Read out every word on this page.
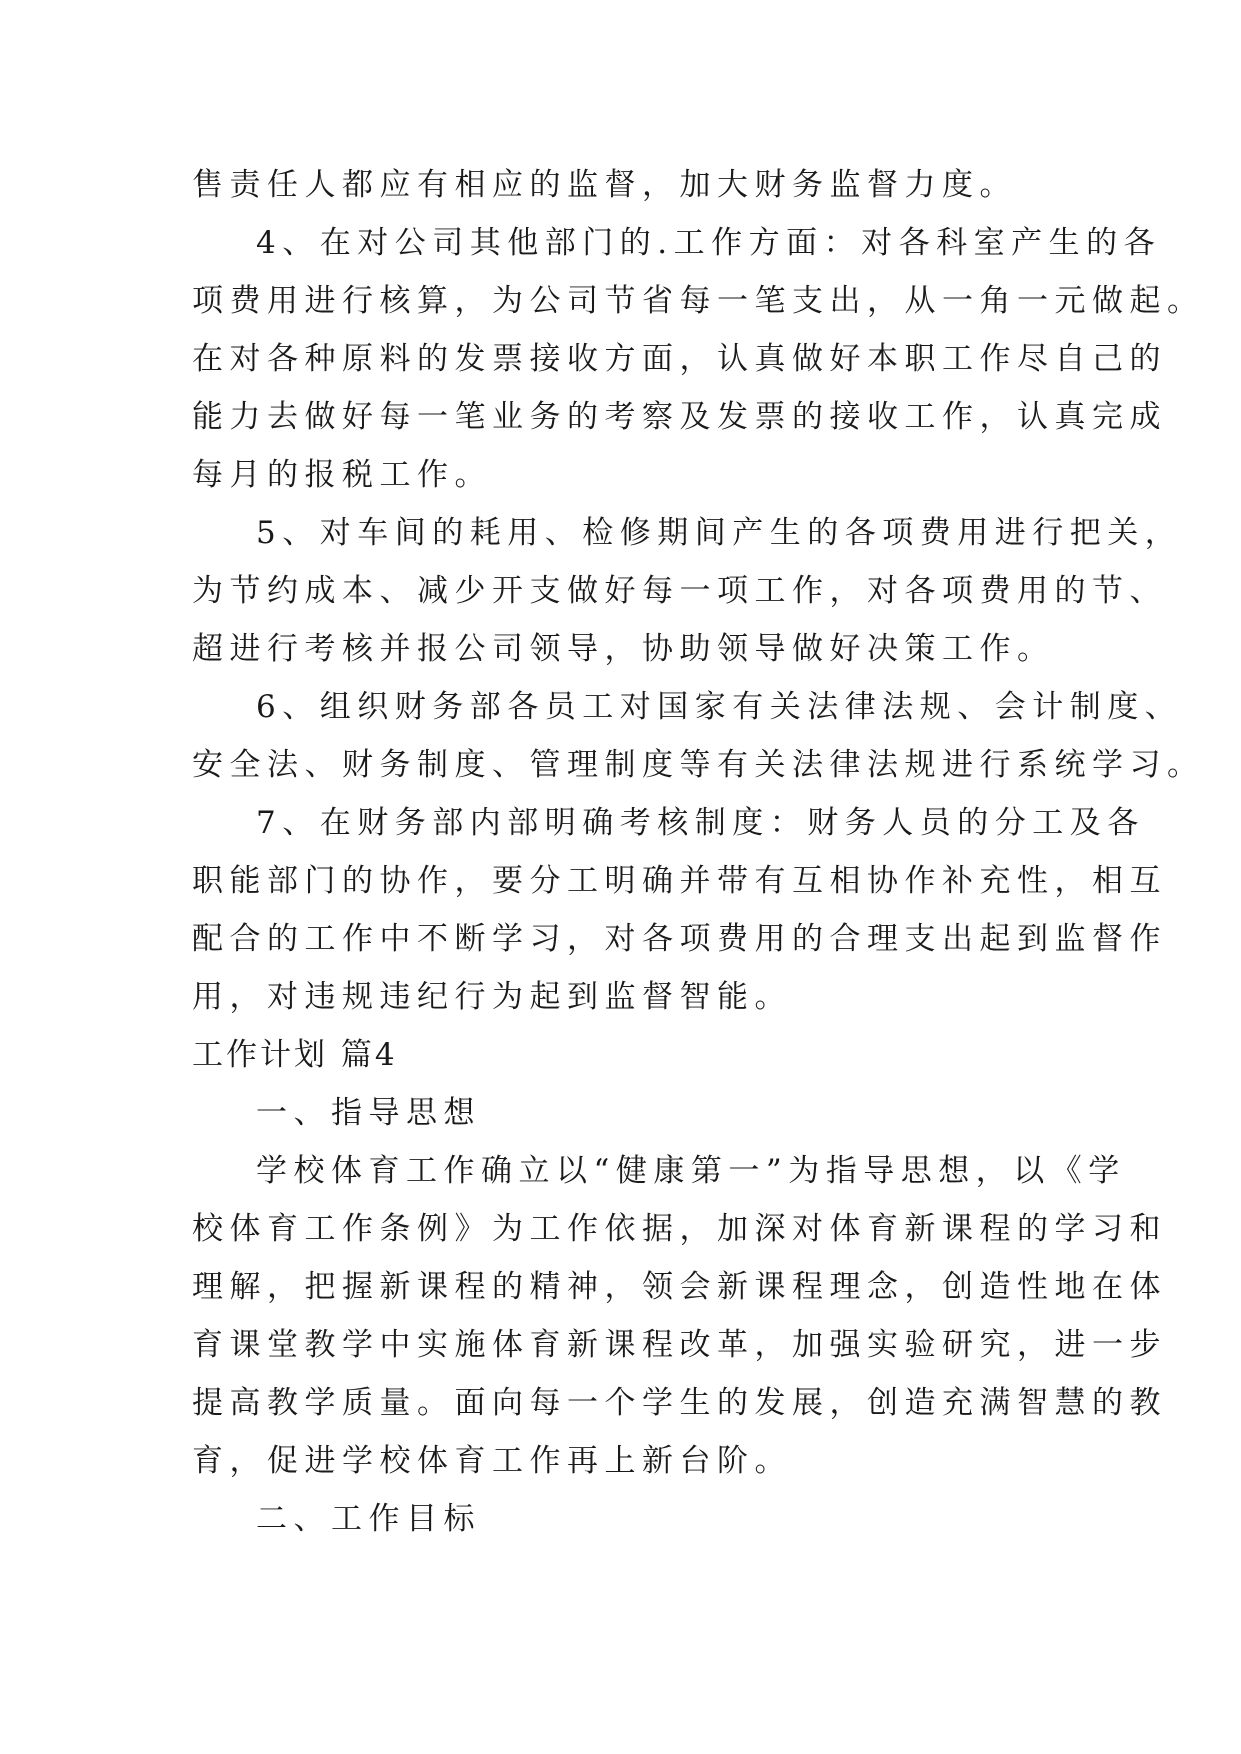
售责任人都应有相应的监督，加大财务监督力度。
4、在对公司其他部门的.工作方面：对各科室产生的各
项费用进行核算，为公司节省每一笔支出，从一角一元做起。
在对各种原料的发票接收方面，认真做好本职工作尽自己的
能力去做好每一笔业务的考察及发票的接收工作，认真完成
每月的报税工作。
5、对车间的耗用、检修期间产生的各项费用进行把关，
为节约成本、减少开支做好每一项工作，对各项费用的节、
超进行考核并报公司领导，协助领导做好决策工作。
6、组织财务部各员工对国家有关法律法规、会计制度、
安全法、财务制度、管理制度等有关法律法规进行系统学习。
7、在财务部内部明确考核制度：财务人员的分工及各
职能部门的协作，要分工明确并带有互相协作补充性，相互
配合的工作中不断学习，对各项费用的合理支出起到监督作
用，对违规违纪行为起到监督智能。
工作计划 篇4
一、指导思想
学校体育工作确立以“健康第一”为指导思想，以《学
校体育工作条例》为工作依据，加深对体育新课程的学习和
理解，把握新课程的精神，领会新课程理念，创造性地在体
育课堂教学中实施体育新课程改革，加强实验研究，进一步
提高教学质量。面向每一个学生的发展，创造充满智慧的教
育，促进学校体育工作再上新台阶。
二、工作目标
